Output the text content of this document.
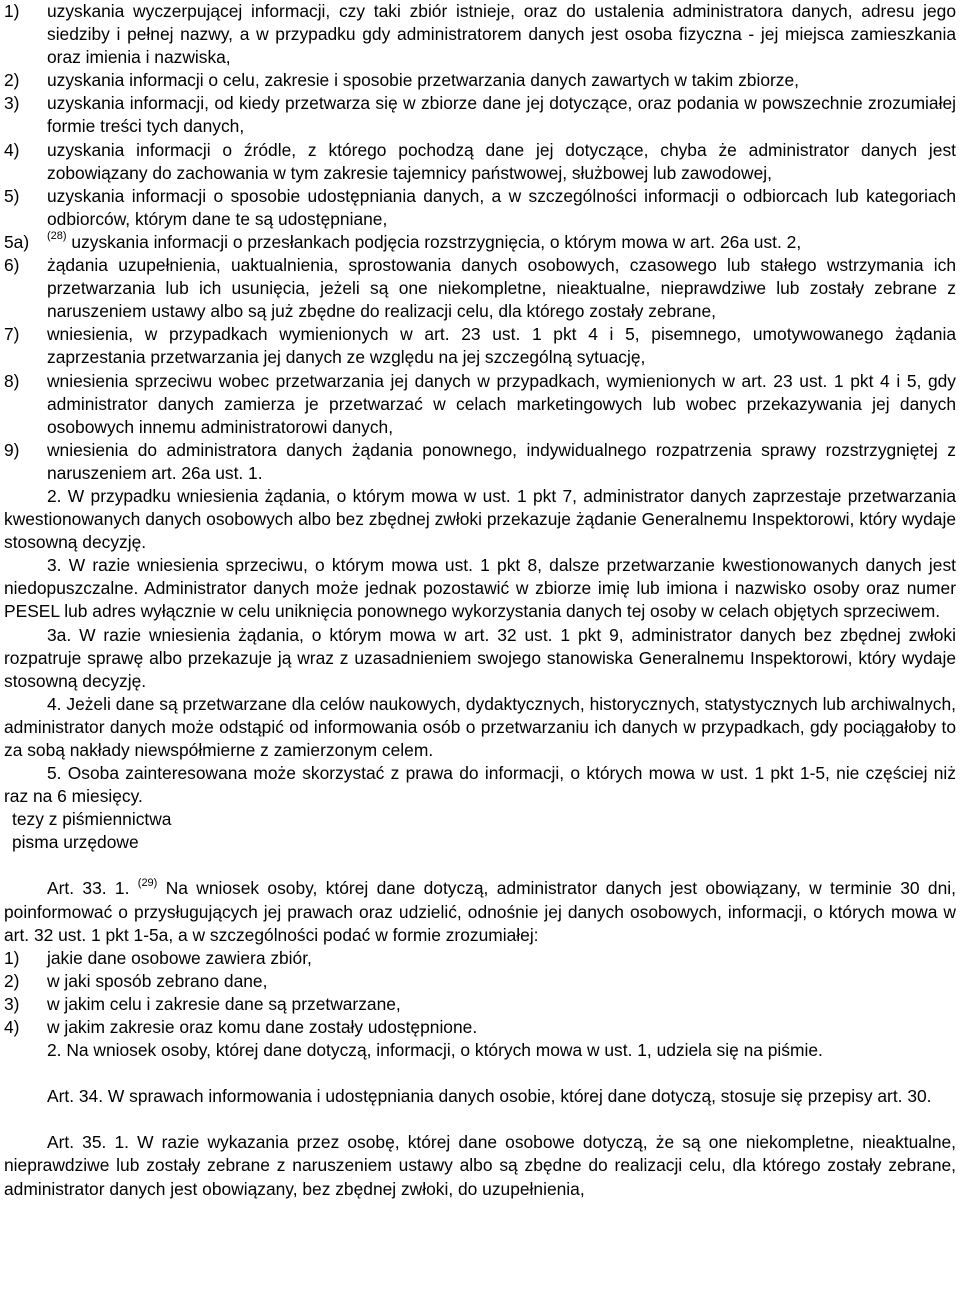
1) uzyskania wyczerpującej informacji, czy taki zbiór istnieje, oraz do ustalenia administratora danych, adresu jego siedziby i pełnej nazwy, a w przypadku gdy administratorem danych jest osoba fizyczna - jej miejsca zamieszkania oraz imienia i nazwiska,
2) uzyskania informacji o celu, zakresie i sposobie przetwarzania danych zawartych w takim zbiorze,
3) uzyskania informacji, od kiedy przetwarza się w zbiorze dane jej dotyczące, oraz podania w powszechnie zrozumiałej formie treści tych danych,
4) uzyskania informacji o źródle, z którego pochodzą dane jej dotyczące, chyba że administrator danych jest zobowiązany do zachowania w tym zakresie tajemnicy państwowej, służbowej lub zawodowej,
5) uzyskania informacji o sposobie udostępniania danych, a w szczególności informacji o odbiorcach lub kategoriach odbiorców, którym dane te są udostępniane,
5a) $^{(28)}$ uzyskania informacji o przesłankach podjęcia rozstrzygnięcia, o którym mowa w art. 26a ust. 2,
6) żądania uzupełnienia, uaktualnienia, sprostowania danych osobowych, czasowego lub stałego wstrzymania ich przetwarzania lub ich usunięcia, jeżeli są one niekompletne, nieaktualne, nieprawdziwe lub zostały zebrane z naruszeniem ustawy albo są już zbędne do realizacji celu, dla którego zostały zebrane,
7) wniesienia, w przypadkach wymienionych w art. 23 ust. 1 pkt 4 i 5, pisemnego, umotywowanego żądania zaprzestania przetwarzania jej danych ze względu na jej szczególną sytuację,
8) wniesienia sprzeciwu wobec przetwarzania jej danych w przypadkach, wymienionych w art. 23 ust. 1 pkt 4 i 5, gdy administrator danych zamierza je przetwarzać w celach marketingowych lub wobec przekazywania jej danych osobowych innemu administratorowi danych,
9) wniesienia do administratora danych żądania ponownego, indywidualnego rozpatrzenia sprawy rozstrzygniętej z naruszeniem art. 26a ust. 1.
2. W przypadku wniesienia żądania, o którym mowa w ust. 1 pkt 7, administrator danych zaprzestaje przetwarzania kwestionowanych danych osobowych albo bez zbędnej zwłoki przekazuje żądanie Generalnemu Inspektorowi, który wydaje stosowną decyzję.
3. W razie wniesienia sprzeciwu, o którym mowa ust. 1 pkt 8, dalsze przetwarzanie kwestionowanych danych jest niedopuszczalne. Administrator danych może jednak pozostawić w zbiorze imię lub imiona i nazwisko osoby oraz numer PESEL lub adres wyłącznie w celu uniknięcia ponownego wykorzystania danych tej osoby w celach objętych sprzeciwem.
3a. W razie wniesienia żądania, o którym mowa w art. 32 ust. 1 pkt 9, administrator danych bez zbędnej zwłoki rozpatruje sprawę albo przekazuje ją wraz z uzasadnieniem swojego stanowiska Generalnemu Inspektorowi, który wydaje stosowną decyzję.
4. Jeżeli dane są przetwarzane dla celów naukowych, dydaktycznych, historycznych, statystycznych lub archiwalnych, administrator danych może odstąpić od informowania osób o przetwarzaniu ich danych w przypadkach, gdy pociągałoby to za sobą nakłady niewspółmierne z zamierzonym celem.
5. Osoba zainteresowana może skorzystać z prawa do informacji, o których mowa w ust. 1 pkt 1-5, nie częściej niż raz na 6 miesięcy.
tezy z piśmiennictwa
pisma urzędowe
Art. 33. 1. $^{(29)}$ Na wniosek osoby, której dane dotyczą, administrator danych jest obowiązany, w terminie 30 dni, poinformować o przysługujących jej prawach oraz udzielić, odnośnie jej danych osobowych, informacji, o których mowa w art. 32 ust. 1 pkt 1-5a, a w szczególności podać w formie zrozumiałej:
1) jakie dane osobowe zawiera zbiór,
2) w jaki sposób zebrano dane,
3) w jakim celu i zakresie dane są przetwarzane,
4) w jakim zakresie oraz komu dane zostały udostępnione.
2. Na wniosek osoby, której dane dotyczą, informacji, o których mowa w ust. 1, udziela się na piśmie.
Art. 34. W sprawach informowania i udostępniania danych osobie, której dane dotyczą, stosuje się przepisy art. 30.
Art. 35. 1. W razie wykazania przez osobę, której dane osobowe dotyczą, że są one niekompletne, nieaktualne, nieprawdziwe lub zostały zebrane z naruszeniem ustawy albo są zbędne do realizacji celu, dla którego zostały zebrane, administrator danych jest obowiązany, bez zbędnej zwłoki, do uzupełnienia,
